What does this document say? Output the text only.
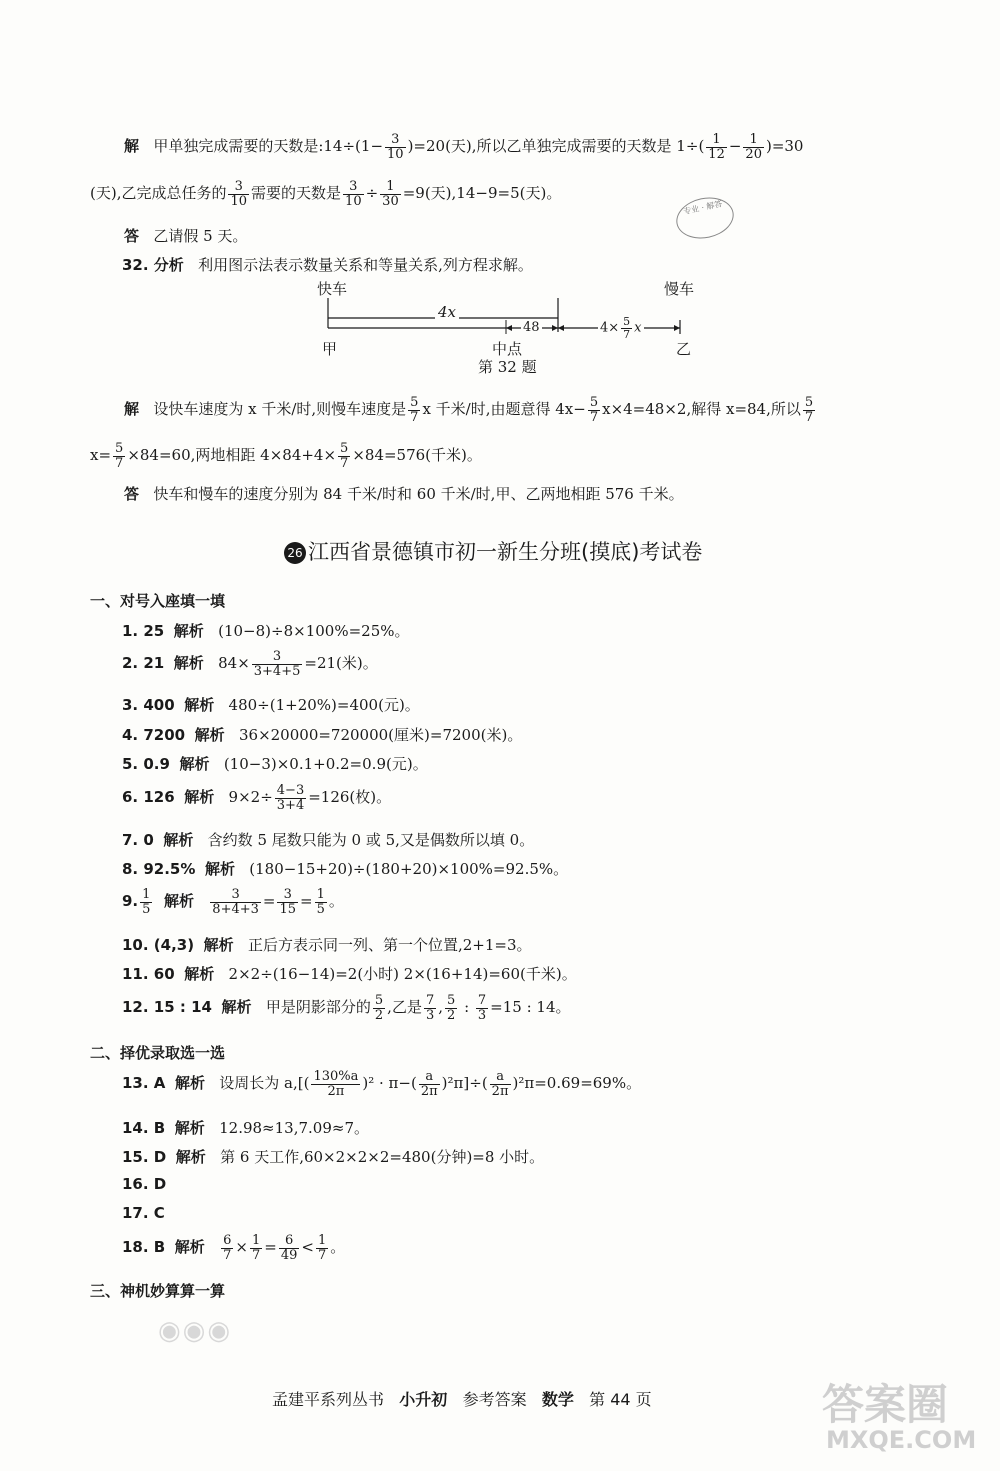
解 甲单独完成需要的天数是:14÷(1− $\frac{3}{10} )=20$(天),所以乙单独完成需要的天数是 $1\div( \frac{1}{12} - \frac{1}{20} )=30$
(天),乙完成总任务的 $\frac{3}{10}$ 需要的天数是 $\frac{3}{10} \div \frac{1}{30} =9$(天),14−9=5(天)。
专业 · 解答
答 乙请假 5 天。
32. 分析 利用图示法表示数量关系和等量关系,列方程求解。
快车	慢车
4x
48	$4\times \frac{5}{7}$ x
甲	中点	乙
第 32 题
解 设快车速度为 x 千米/时,则慢车速度是 $\frac{5}{7}$ x 千米/时,由题意得 $4x- \frac{5}{7} x\times 4=48\times 2$,解得 x=84,所以 $\frac{5}{7}$
$x= \frac{5}{7} \times 84=60$,两地相距 $4\times 84+4\times \frac{5}{7} \times 84=576$(千米)。
答 快车和慢车的速度分别为 84 千米/时和 60 千米/时,甲、乙两地相距 576 千米。
26 江西省景德镇市初一新生分班(摸底)考试卷
一、对号入座填一填
1. 25 解析 (10−8)÷8×100%=25%。
2. 21 解析 $84\times \frac{3}{3+4+5} =21$(米)。
3. 400 解析 480÷(1+20%)=400(元)。
4. 7200 解析 36×20000=720000(厘米)=7200(米)。
5. 0.9 解析 (10−3)×0.1+0.2=0.9(元)。
6. 126 解析 $9\times 2\div \frac{4-3}{3+4} =126$(枚)。
7. 0 解析 含约数 5 尾数只能为 0 或 5,又是偶数所以填 0。
8. 92.5% 解析 (180−15+20)÷(180+20)×100%=92.5%。
9. $\frac{1}{5}$ 解析 $\frac{3}{8+4+3} = \frac{3}{15} = \frac{1}{5}$ 。
10. (4,3) 解析 正后方表示同一列、第一个位置,2+1=3。
11. 60 解析 2×2÷(16−14)=2(小时) 2×(16+14)=60(千米)。
12. 15 : 14 解析 甲是阴影部分的 $\frac{5}{2}$ ,乙是 $\frac{7}{3}$ , $\frac{5}{2}$ : $\frac{7}{3} =15$ : 14。
二、择优录取选一选
13. A 解析 设周长为 $a,[( \frac{130\%a}{2\pi} )^2 \cdot \pi-( \frac{a}{2\pi} )^2\pi]\div( \frac{a}{2\pi} )^2\pi=0.69=69\%$。
14. B 解析 12.98≈13,7.09≈7。
15. D 解析 第 6 天工作,60×2×2×2=480(分钟)=8 小时。
16. D
17. C
18. B 解析 $\frac{6}{7} \times \frac{1}{7} = \frac{6}{49} < \frac{1}{7}$ 。
三、神机妙算算一算
◉◉◉
孟建平系列丛书 小升初 参考答案 数学 第 44 页	答案圈
MXQE.COM
